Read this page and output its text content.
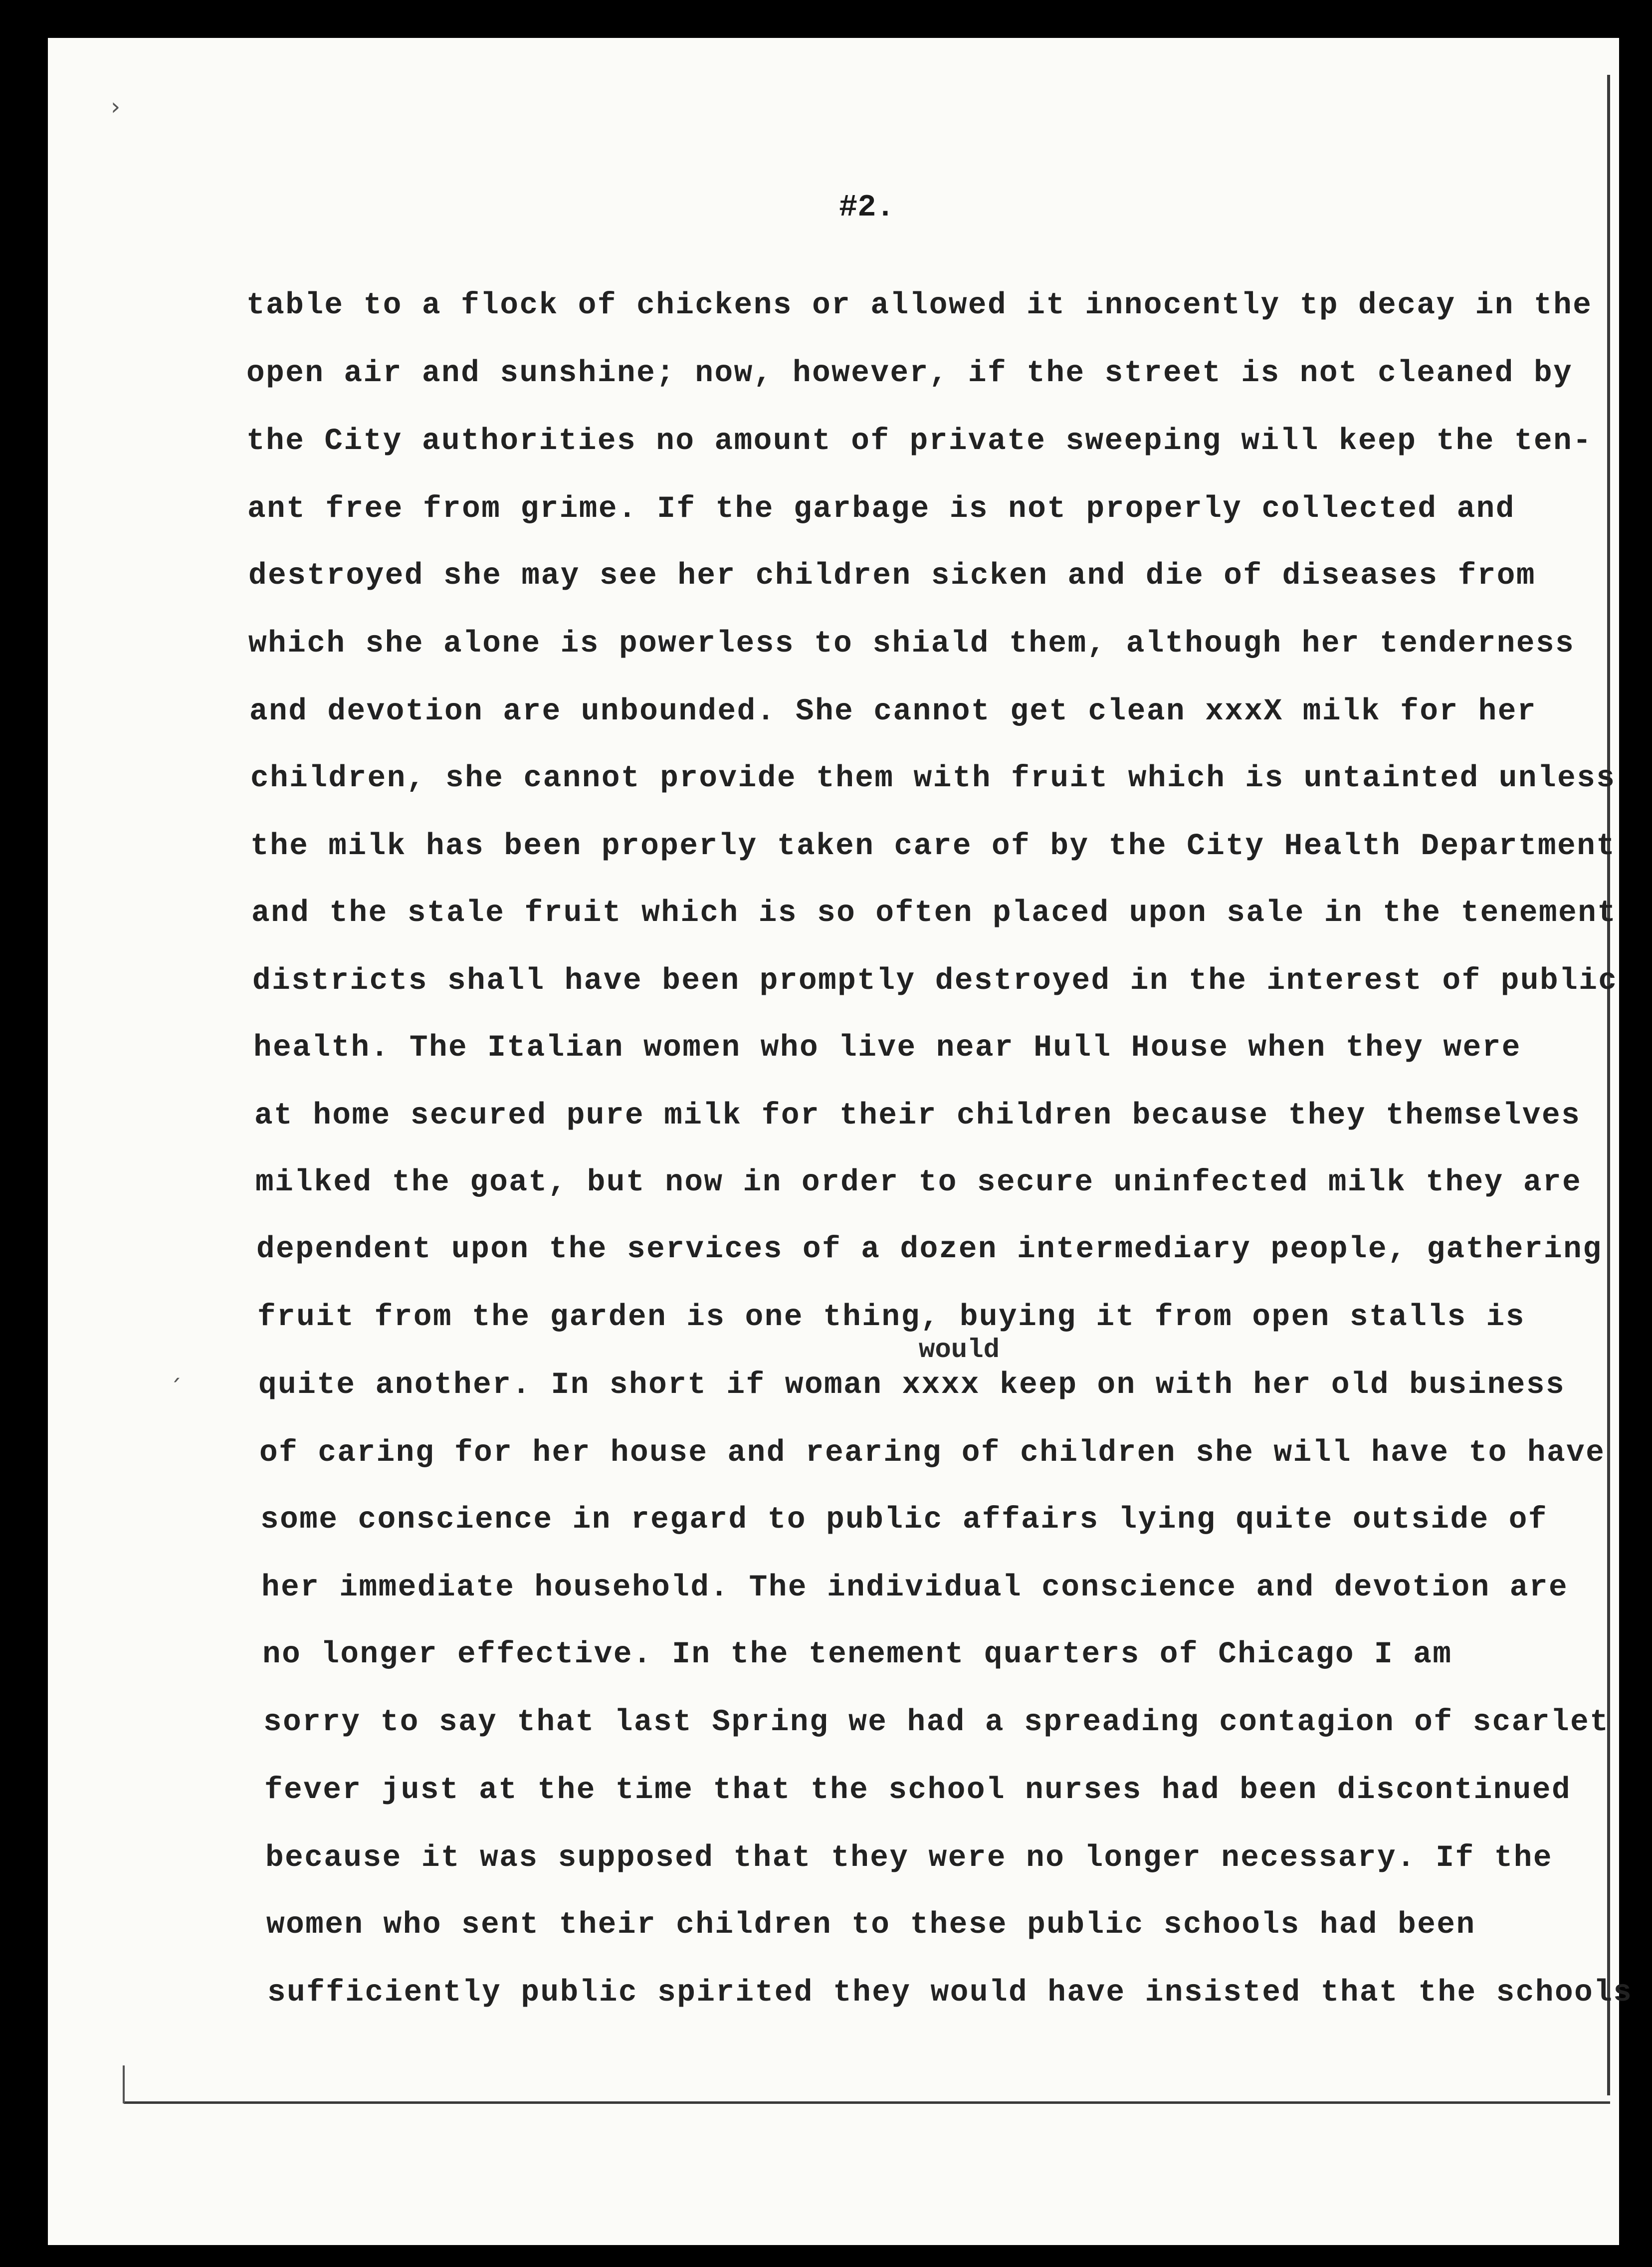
›
ˊ

#2.

table to a flock of chickens or allowed it innocently tp decay in the

open air and sunshine; now, however, if the street is not cleaned by

the City authorities no amount of private sweeping will keep the ten-

ant free from grime. If the garbage is not properly collected and

destroyed she may see her children sicken and die of diseases from

which she alone is powerless to shiald them, although her tenderness

and devotion are unbounded. She cannot get clean xxxX milk for her

children, she cannot provide them with fruit which is untainted unless

the milk has been properly taken care of by the City Health Department

and the stale fruit which is so often placed upon sale in the tenement

districts shall have been promptly destroyed in the interest of public

health. The Italian women who live near Hull House when they were

at home secured pure milk for their children because they themselves

milked the goat, but now in order to secure uninfected milk they are

dependent upon the services of a dozen intermediary people, gathering

fruit from the garden is one thing, buying it from open stalls is

quite another. In short if woman xxxx keep on with her old business

of caring for her house and rearing of children she will have to have

some conscience in regard to public affairs lying quite outside of

her immediate household. The individual conscience and devotion are

no longer effective. In the tenement quarters of Chicago I am

sorry to say that last Spring we had a spreading contagion of scarlet

fever just at the time that the school nurses had been discontinued

because it was supposed that they were no longer necessary. If the

women who sent their children to these public schools had been

sufficiently public spirited they would have insisted that the schools

would
